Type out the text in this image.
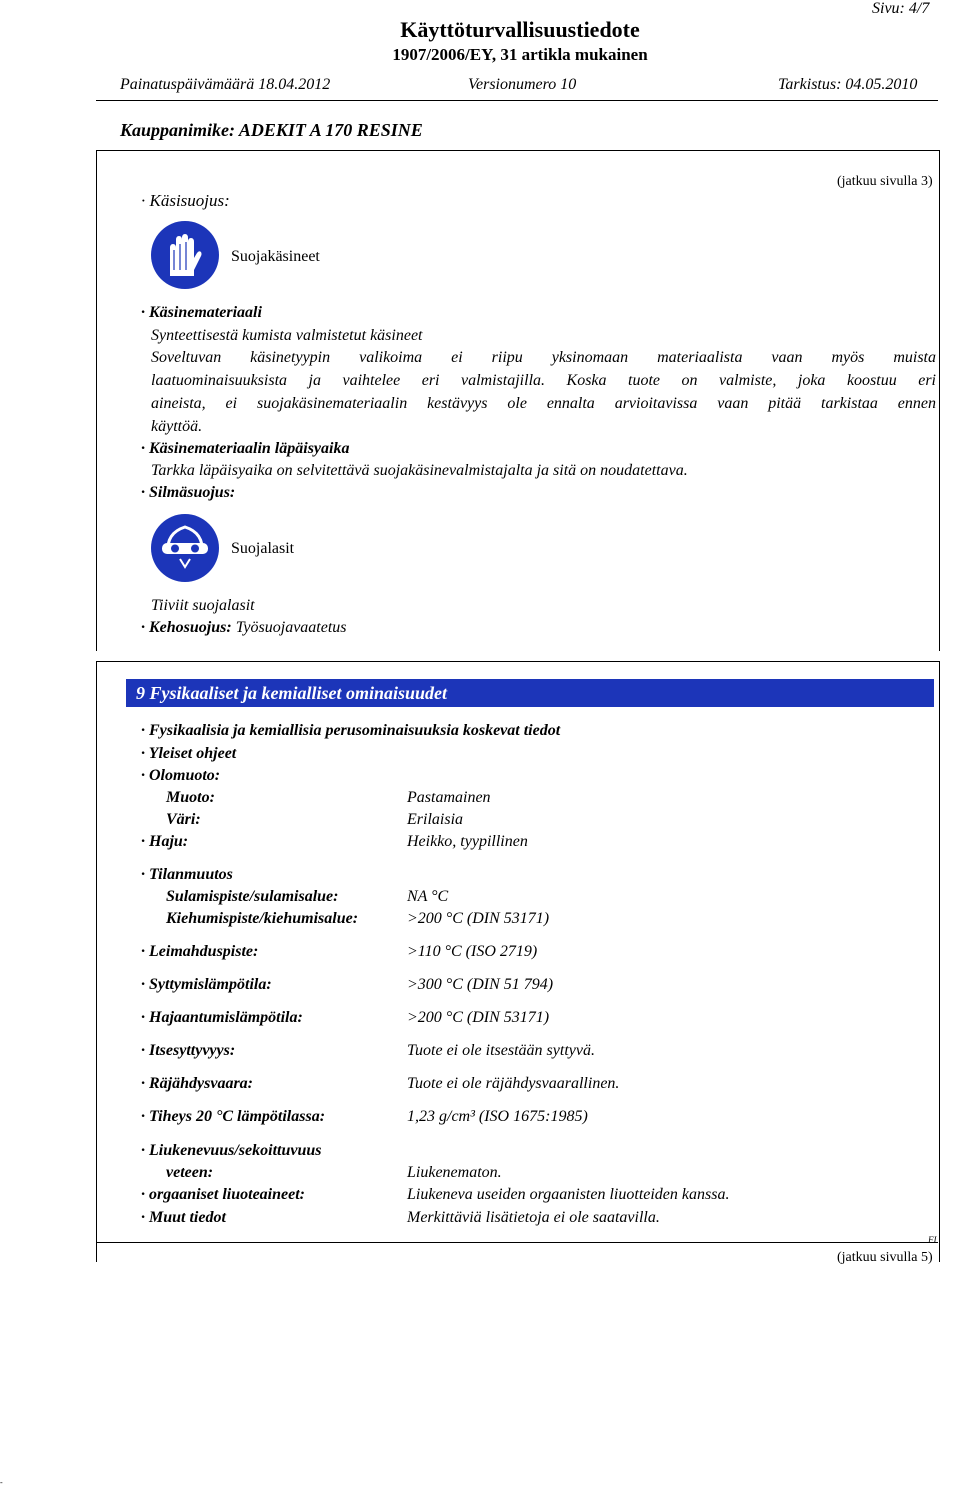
Sivu: 4/7
Käyttöturvallisuustiedote
1907/2006/EY, 31 artikla mukainen
Painatuspäivämäärä 18.04.2012	Versionumero 10	Tarkistus: 04.05.2010
Kauppanimike: ADEKIT A 170 RESINE
(jatkuu sivulla 3)
· Käsisuojus:
Suojakäsineet
· Käsinemateriaali
Synteettisestä kumista valmistetut käsineet
Soveltuvan käsinetyypin valikoima ei riipu yksinomaan materiaalista vaan myös muista
laatuominaisuuksista ja vaihtelee eri valmistajilla. Koska tuote on valmiste, joka koostuu eri
aineista, ei suojakäsinemateriaalin kestävyys ole ennalta arvioitavissa vaan pitää tarkistaa ennen
käyttöä.
· Käsinemateriaalin läpäisyaika
Tarkka läpäisyaika on selvitettävä suojakäsinevalmistajalta ja sitä on noudatettava.
· Silmäsuojus:
Suojalasit
Tiiviit suojalasit
· Kehosuojus: Työsuojavaatetus
9 Fysikaaliset ja kemialliset ominaisuudet
· Fysikaalisia ja kemiallisia perusominaisuuksia koskevat tiedot
· Yleiset ohjeet
· Olomuoto:
Muoto:	Pastamainen
Väri:	Erilaisia
· Haju:	Heikko, tyypillinen
· Tilanmuutos
Sulamispiste/sulamisalue:	NA °C
Kiehumispiste/kiehumisalue:	>200 °C (DIN 53171)
· Leimahduspiste:	>110 °C (ISO 2719)
· Syttymislämpötila:	>300 °C (DIN 51 794)
· Hajaantumislämpötila:	>200 °C (DIN 53171)
· Itsesyttyvyys:	Tuote ei ole itsestään syttyvä.
· Räjähdysvaara:	Tuote ei ole räjähdysvaarallinen.
· Tiheys 20 °C lämpötilassa:	1,23 g/cm³ (ISO 1675:1985)
· Liukenevuus/sekoittuvuus
veteen:	Liukenematon.
· orgaaniset liuoteaineet:	Liukeneva useiden orgaanisten liuotteiden kanssa.
· Muut tiedot	Merkittäviä lisätietoja ei ole saatavilla.
FI
(jatkuu sivulla 5)
-
